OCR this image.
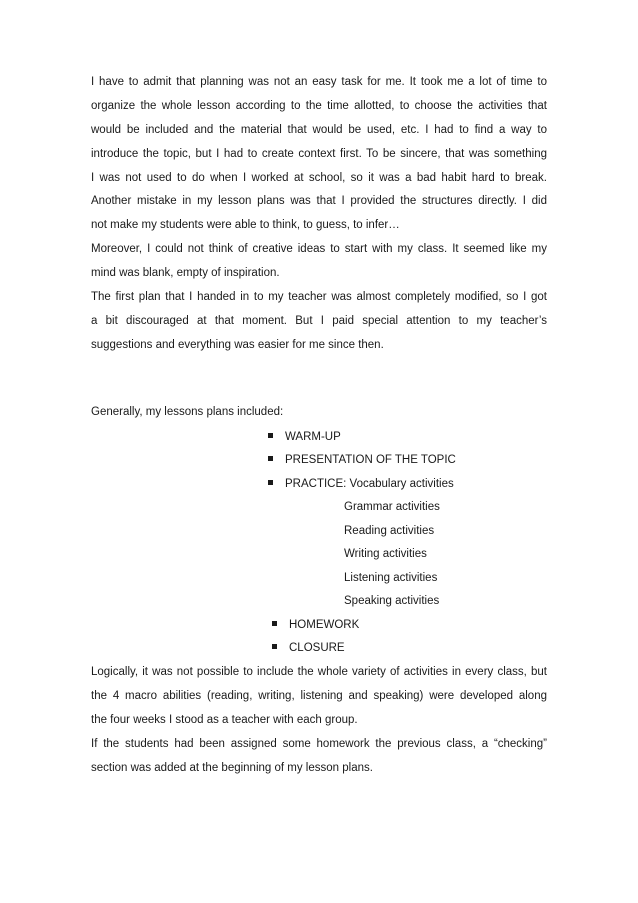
I have to admit that planning was not an easy task for me. It took me a lot of time to
organize the whole lesson according to the time allotted, to choose the activities that
would be included and the material that would be used, etc. I had to find a way to
introduce the topic, but I had to create context first. To be sincere, that was something
I was not used to do when I worked at school, so it was a bad habit hard to break.
Another mistake in my lesson plans was that I provided the structures directly. I did
not make my students were able to think, to guess, to infer…
Moreover, I could not think of creative ideas to start with my class. It seemed like my
mind was blank, empty of inspiration.
The first plan that I handed in to my teacher was almost completely modified, so I got
a bit discouraged at that moment. But I paid special attention to my teacher’s
suggestions and everything was easier for me since then.
Generally, my lessons plans included:
WARM-UP
PRESENTATION OF THE TOPIC
PRACTICE: Vocabulary activities
Grammar activities
Reading activities
Writing activities
Listening activities
Speaking activities
HOMEWORK
CLOSURE
Logically, it was not possible to include the whole variety of activities in every class, but
the 4 macro abilities (reading, writing, listening and speaking) were developed along
the four weeks I stood as a teacher with each group.
If the students had been assigned some homework the previous class, a “checking”
section was added at the beginning of my lesson plans.
